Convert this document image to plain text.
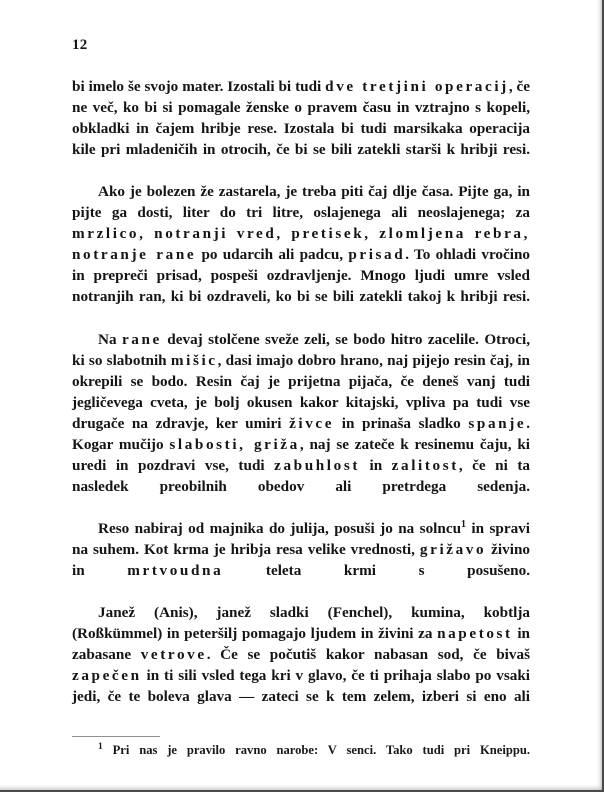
12

bi imelo še svojo mater. Izostali bi tudi dve tretjini operacij, če ne več, ko bi si pomagale ženske o pravem času in vztrajno s kopeli, obkladki in čajem hribje rese. Izostala bi tudi marsikaka operacija kile pri mladeničih in otrocih, če bi se bili zatekli starši k hribji resi.

Ako je bolezen že zastarela, je treba piti čaj dlje časa. Pijte ga, in pijte ga dosti, liter do tri litre, oslajenega ali neoslajenega; za mrzlico, notranji vred, pretisek, zlomljena rebra, notranje rane po udarcih ali padcu, prisad. To ohladi vročino in prepreči prisad, pospeši ozdravljenje. Mnogo ljudi umre vsled notranjih ran, ki bi ozdraveli, ko bi se bili zatekli takoj k hribji resi.

Na rane devaj stolčene sveže zeli, se bodo hitro zacelile. Otroci, ki so slabotnih mišic, dasi imajo dobro hrano, naj pijejo resin čaj, in okrepili se bodo. Resin čaj je prijetna pijača, če deneš vanj tudi jegličevega cveta, je bolj okusen kakor kitajski, vpliva pa tudi vse drugače na zdravje, ker umiri živce in prinaša sladko spanje. Kogar mučijo slabosti, griža, naj se zateče k resinemu čaju, ki uredi in pozdravi vse, tudi zabuhlost in zalitost, če ni ta nasledek preobilnih obedov ali pretrdega sedenja.

Reso nabiraj od majnika do julija, posuši jo na solncu$^1$ in spravi na suhem. Kot krma je hribja resa velike vrednosti, grižavo živino in mrtvoudna teleta krmi s posušeno.

Janež (Anis), janež sladki (Fenchel), kumina, kobtlja (Roßkümmel) in peteršilj pomagajo ljudem in živini za napetost in zabasane vetrove. Če se počutiš kakor nabasan sod, če bivaš zapečen in ti sili vsled tega kri v glavo, če ti prihaja slabo po vsaki jedi, če te boleva glava — zateci se k tem zelem, izberi si eno ali

$^1$ Pri nas je pravilo ravno narobe: V senci. Tako tudi pri Kneippu.
